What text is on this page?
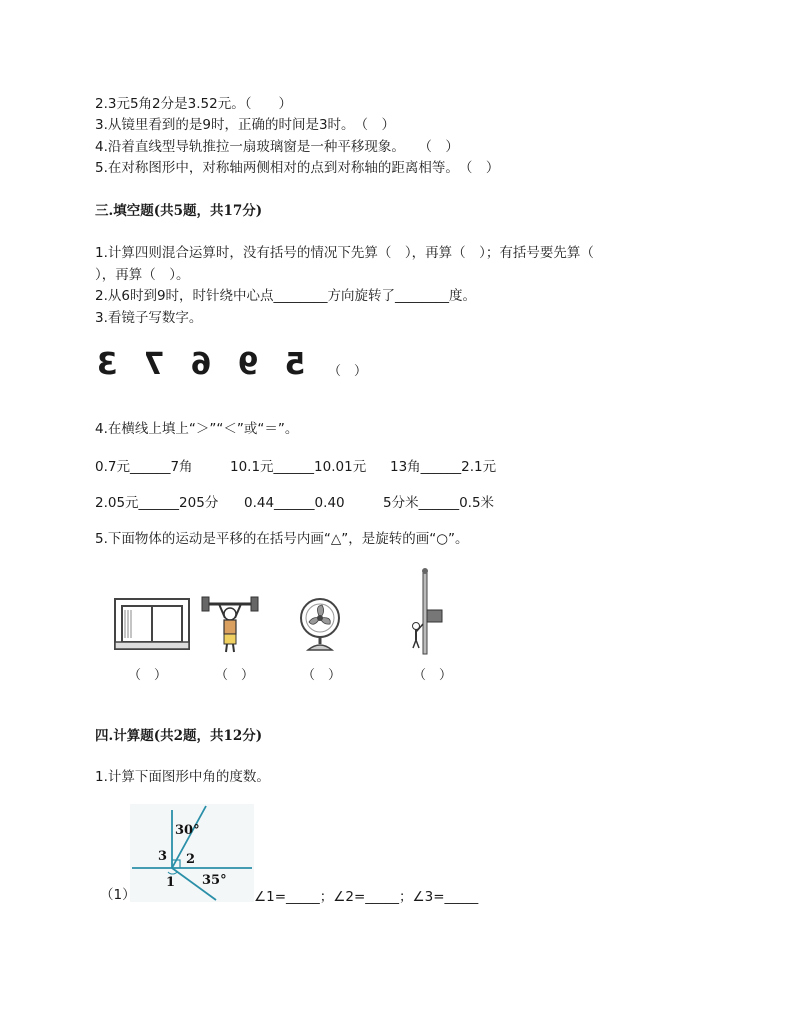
2.3元5角2分是3.52元。（　　）
3.从镜里看到的是9时，正确的时间是3时。　（　）
4.沿着直线型导轨推拉一扇玻璃窗是一种平移现象。　　（　）
5.在对称图形中，对称轴两侧相对的点到对称轴的距离相等。　（　）
三.填空题(共5题，共17分)
1.计算四则混合运算时，没有括号的情况下先算（　），再算（　）；有括号要先算（
），再算（　）。
2.从6时到9时，时针绕中心点________方向旋转了________度。
3.看镜子写数字。
3 7 6 9 5 （　）
4.在横线上填上“＞”“＜”或“＝”。
0.7元______7角	10.1元______10.01元 13角______2.1元
2.05元______205分 0.44______0.40	5分米______0.5米
5.下面物体的运动是平移的在括号内画“△”，是旋转的画“○”。
（　）	（　）	（　）	（　）
四.计算题(共2题，共12分)
1.计算下面图形中角的度数。
30°
3 2
1 35°
（1）	∠1=_____；∠2=_____；∠3=_____
